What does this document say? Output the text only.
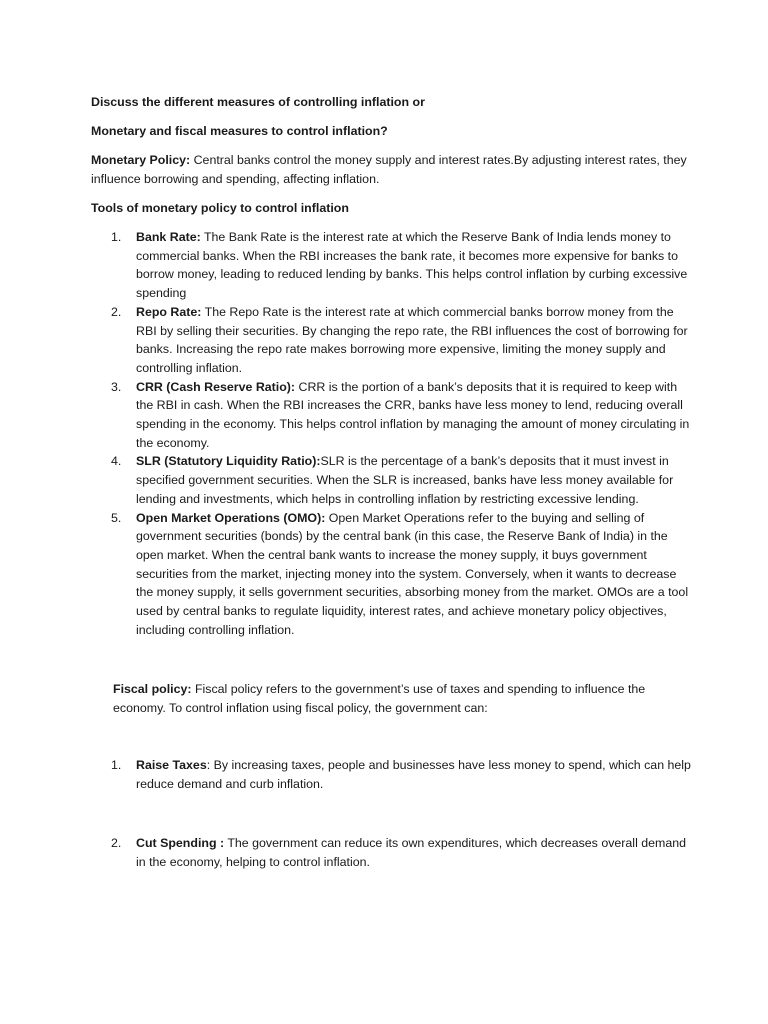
Discuss the different measures of controlling inflation or
Monetary and fiscal measures to control inflation?
Monetary Policy: Central banks control the money supply and interest rates.By adjusting interest rates, they influence borrowing and spending, affecting inflation.
Tools of monetary policy to control inflation
1. Bank Rate: The Bank Rate is the interest rate at which the Reserve Bank of India lends money to commercial banks. When the RBI increases the bank rate, it becomes more expensive for banks to borrow money, leading to reduced lending by banks. This helps control inflation by curbing excessive spending
2. Repo Rate: The Repo Rate is the interest rate at which commercial banks borrow money from the RBI by selling their securities. By changing the repo rate, the RBI influences the cost of borrowing for banks. Increasing the repo rate makes borrowing more expensive, limiting the money supply and controlling inflation.
3. CRR (Cash Reserve Ratio): CRR is the portion of a bank’s deposits that it is required to keep with the RBI in cash. When the RBI increases the CRR, banks have less money to lend, reducing overall spending in the economy. This helps control inflation by managing the amount of money circulating in the economy.
4. SLR (Statutory Liquidity Ratio):SLR is the percentage of a bank’s deposits that it must invest in specified government securities. When the SLR is increased, banks have less money available for lending and investments, which helps in controlling inflation by restricting excessive lending.
5. Open Market Operations (OMO): Open Market Operations refer to the buying and selling of government securities (bonds) by the central bank (in this case, the Reserve Bank of India) in the open market. When the central bank wants to increase the money supply, it buys government securities from the market, injecting money into the system. Conversely, when it wants to decrease the money supply, it sells government securities, absorbing money from the market. OMOs are a tool used by central banks to regulate liquidity, interest rates, and achieve monetary policy objectives, including controlling inflation.
Fiscal policy: Fiscal policy refers to the government’s use of taxes and spending to influence the economy. To control inflation using fiscal policy, the government can:
1. Raise Taxes: By increasing taxes, people and businesses have less money to spend, which can help reduce demand and curb inflation.
2. Cut Spending : The government can reduce its own expenditures, which decreases overall demand in the economy, helping to control inflation.
